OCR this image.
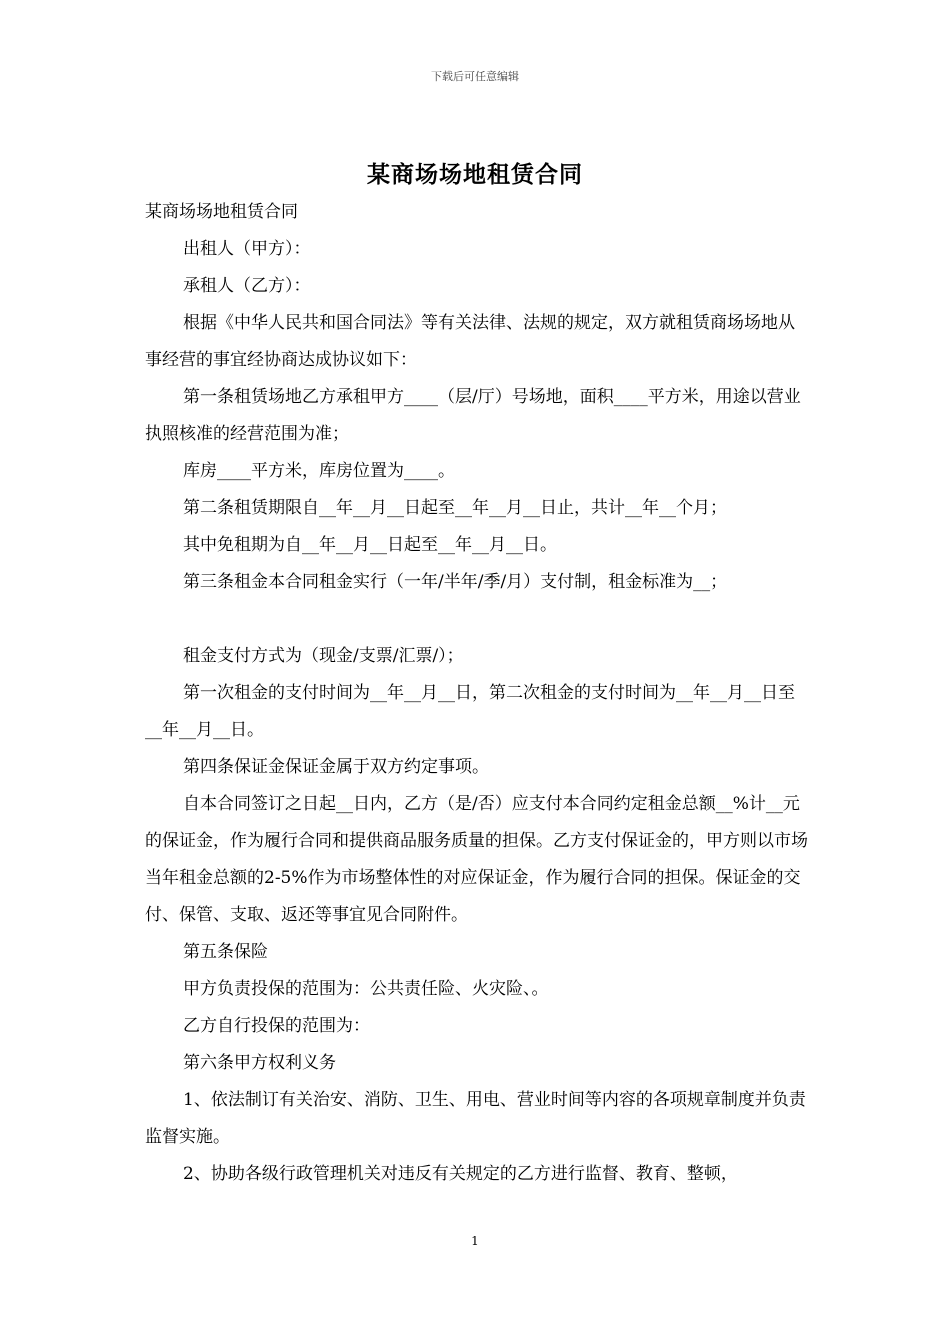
下载后可任意编辑
某商场场地租赁合同

某商场场地租赁合同

出租人（甲方）：

承租人（乙方）：

根据《中华人民共和国合同法》等有关法律、法规的规定，双方就租赁商场场地从事经营的事宜经协商达成协议如下：

第一条租赁场地乙方承租甲方____（层/厅）号场地，面积____平方米，用途以营业执照核准的经营范围为准；

库房____平方米，库房位置为____。

第二条租赁期限自__年__月__日起至__年__月__日止，共计__年__个月；

其中免租期为自__年__月__日起至__年__月__日。

第三条租金本合同租金实行（一年/半年/季/月）支付制，租金标准为__；

租金支付方式为（现金/支票/汇票/）；

第一次租金的支付时间为__年__月__日，第二次租金的支付时间为__年__月__日至__年__月__日。

第四条保证金保证金属于双方约定事项。

自本合同签订之日起__日内，乙方（是/否）应支付本合同约定租金总额__%计__元的保证金，作为履行合同和提供商品服务质量的担保。乙方支付保证金的，甲方则以市场当年租金总额的2-5%作为市场整体性的对应保证金，作为履行合同的担保。保证金的交付、保管、支取、返还等事宜见合同附件。

第五条保险

甲方负责投保的范围为：公共责任险、火灾险、。

乙方自行投保的范围为：

第六条甲方权利义务

1、依法制订有关治安、消防、卫生、用电、营业时间等内容的各项规章制度并负责监督实施。

2、协助各级行政管理机关对违反有关规定的乙方进行监督、教育、整顿，

1
